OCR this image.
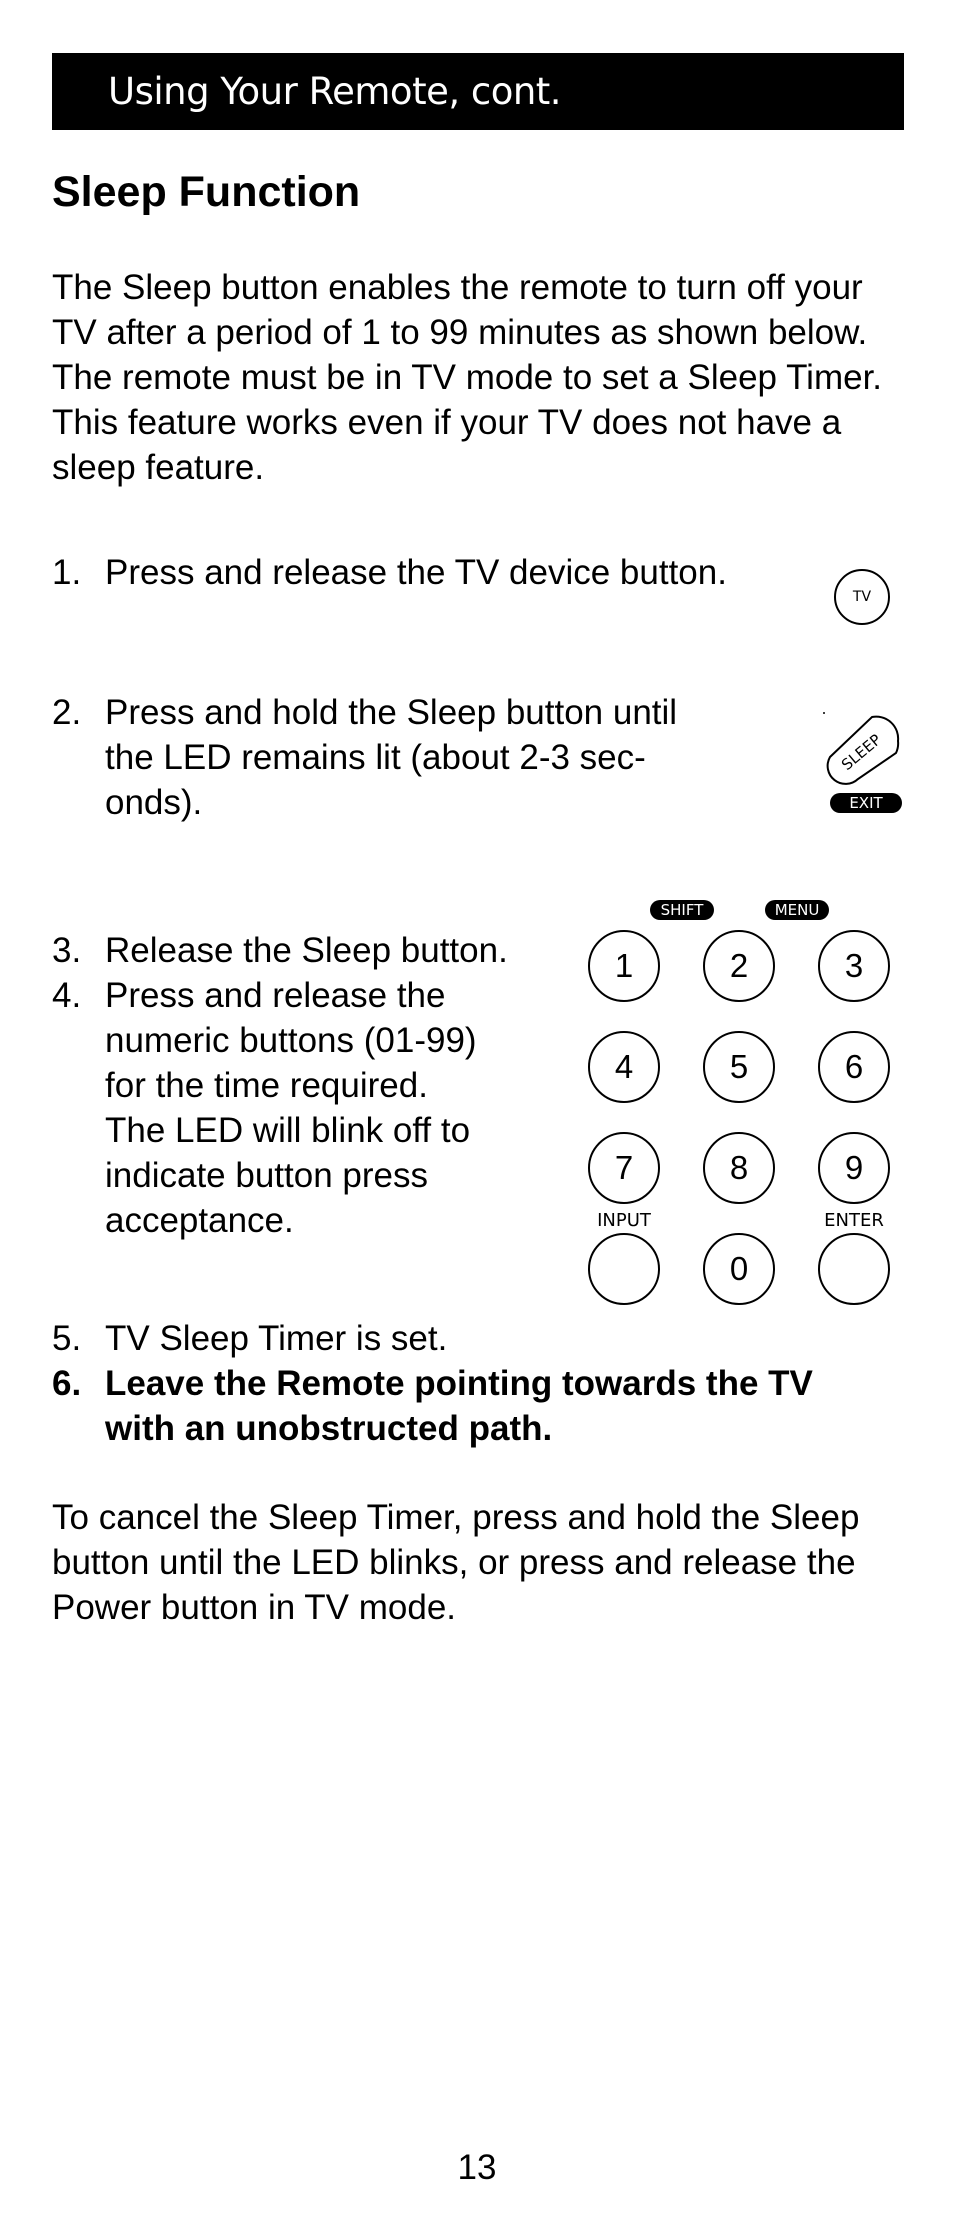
Using Your Remote, cont.
Sleep Function

The Sleep button enables the remote to turn off your TV after a period of 1 to 99 minutes as shown below. The remote must be in TV mode to set a Sleep Timer. This feature works even if your TV does not have a sleep feature.

1. Press and release the TV device button.
TV
2. Press and hold the Sleep button until
the LED remains lit (about 2-3 sec-
onds).
SLEEP
EXIT
3. Release the Sleep button.
4. Press and release the
numeric buttons (01-99)
for the time required.
The LED will blink off to
indicate button press
acceptance.
SHIFT	MENU
1	2	3
4	5	6
7	8	9
INPUT	ENTER
0
5. TV Sleep Timer is set.
6. Leave the Remote pointing towards the TV
with an unobstructed path.

To cancel the Sleep Timer, press and hold the Sleep button until the LED blinks, or press and release the Power button in TV mode.

13
